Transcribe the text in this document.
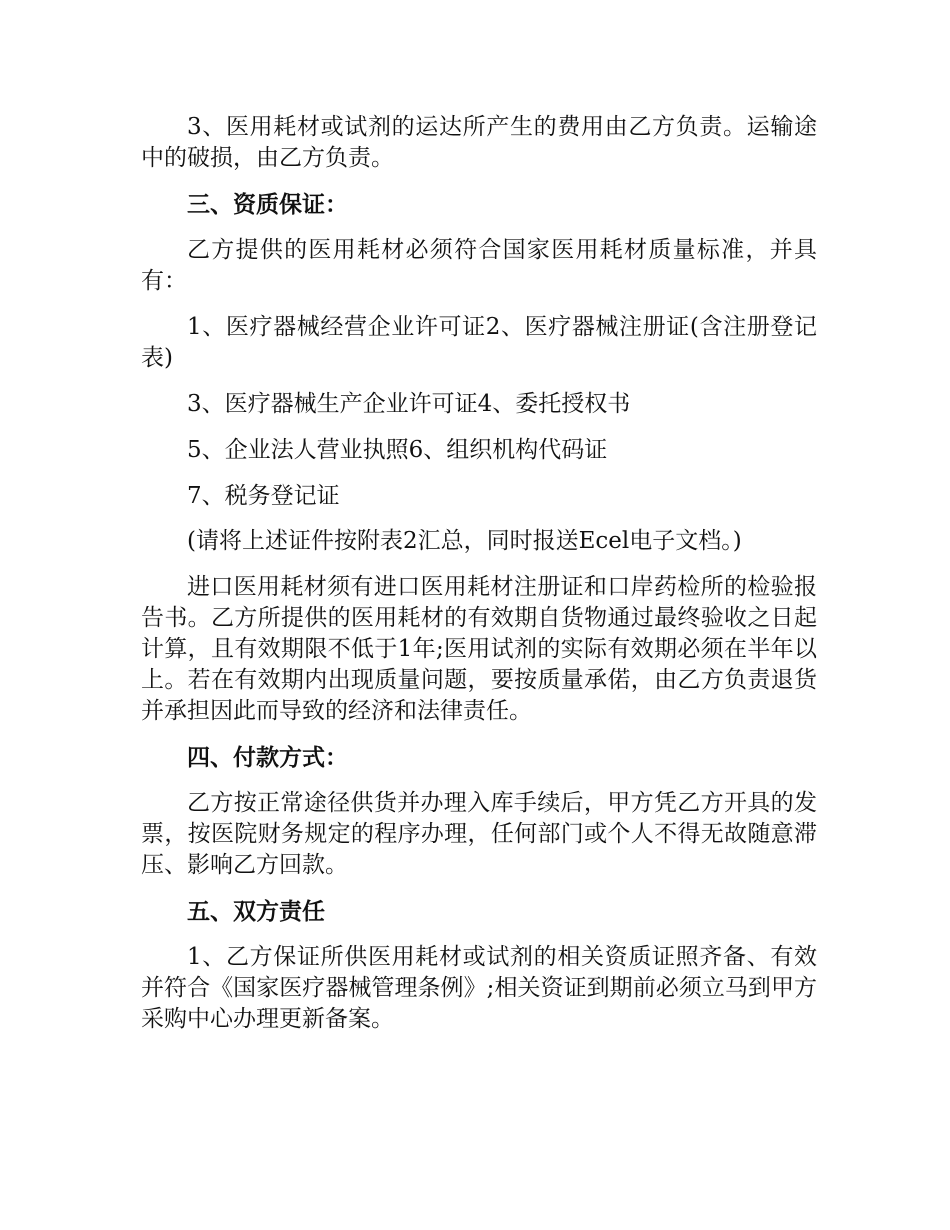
3、医用耗材或试剂的运达所产生的费用由乙方负责。运输途中的破损，由乙方负责。

三、资质保证：

乙方提供的医用耗材必须符合国家医用耗材质量标准，并具有：

1、医疗器械经营企业许可证2、医疗器械注册证(含注册登记表)

3、医疗器械生产企业许可证4、委托授权书

5、企业法人营业执照6、组织机构代码证

7、税务登记证

(请将上述证件按附表2汇总，同时报送Ecel电子文档。)

进口医用耗材须有进口医用耗材注册证和口岸药检所的检验报告书。乙方所提供的医用耗材的有效期自货物通过最终验收之日起计算，且有效期限不低于1年;医用试剂的实际有效期必须在半年以上。若在有效期内出现质量问题，要按质量承偌，由乙方负责退货并承担因此而导致的经济和法律责任。

四、付款方式：

乙方按正常途径供货并办理入库手续后，甲方凭乙方开具的发票，按医院财务规定的程序办理，任何部门或个人不得无故随意滞压、影响乙方回款。

五、双方责任

1、乙方保证所供医用耗材或试剂的相关资质证照齐备、有效并符合《国家医疗器械管理条例》;相关资证到期前必须立马到甲方采购中心办理更新备案。
